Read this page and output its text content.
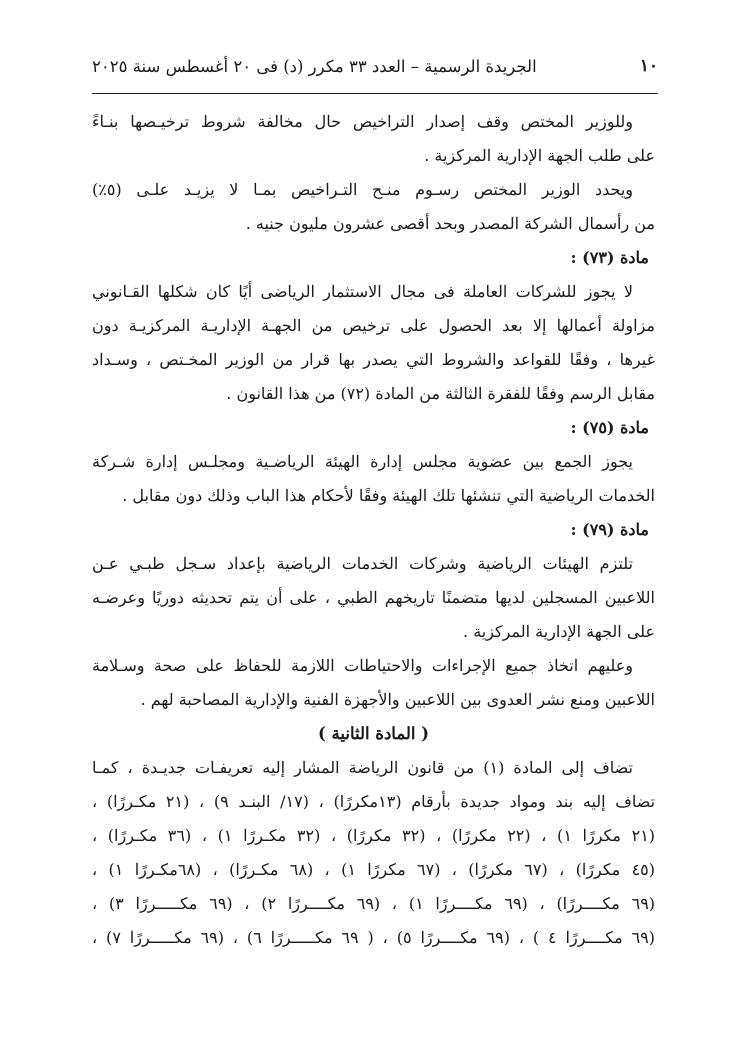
١٠
الجريدة الرسمية – العدد ٣٣ مكرر (د) فى ٢٠ أغسطس سنة ٢٠٢٥
وللوزير المختص وقف إصدار التراخيص حال مخالفة شروط ترخيـصها بنـاءً
على طلب الجهة الإدارية المركزية .
ويحدد الوزير المختص رسـوم منـح التـراخيص بمـا لا يزيـد علـى (٥٪)
من رأسمال الشركة المصدر وبحد أقصى عشرون مليون جنيه .
مادة (٧٣) :
لا يجوز للشركات العاملة فى مجال الاستثمار الرياضى أيًا كان شكلها القـانوني
مزاولة أعمالها إلا بعد الحصول على ترخيص من الجهـة الإداريـة المركزيـة دون
غيرها ، وفقًا للقواعد والشروط التي يصدر بها قرار من الوزير المخـتص ، وسـداد
مقابل الرسم وفقًا للفقرة الثالثة من المادة (٧٢) من هذا القانون .
مادة (٧٥) :
يجوز الجمع بين عضوية مجلس إدارة الهيئة الرياضـية ومجلـس إدارة شـركة
الخدمات الرياضية التي تنشئها تلك الهيئة وفقًا لأحكام هذا الباب وذلك دون مقابل .
مادة (٧٩) :
تلتزم الهيئات الرياضية وشركات الخدمات الرياضية بإعداد سـجل طبـي عـن
اللاعبين المسجلين لديها متضمنًا تاريخهم الطبي ، على أن يتم تحديثه دوريًا وعرضـه
على الجهة الإدارية المركزية .
وعليهم اتخاذ جميع الإجراءات والاحتياطات اللازمة للحفاظ على صحة وسـلامة
اللاعبين ومنع نشر العدوى بين اللاعبين والأجهزة الفنية والإدارية المصاحبة لهم .
( المادة الثانية )
تضاف إلى المادة (١) من قانون الرياضة المشار إليه تعريفـات جديـدة ، كمـا
تضاف إليه بند ومواد جديدة بأرقام (١٣مكررًا) ، (١٧/ البنـد ٩) ، (٢١ مكـررًا) ،
(٢١ مكررًا ١) ، (٢٢ مكررًا) ، (٣٢ مكررًا) ، (٣٢ مكـررًا ١) ، (٣٦ مكـررًا) ،
(٤٥ مكررًا) ، (٦٧ مكررًا) ، (٦٧ مكررًا ١) ، (٦٨ مكـررًا) ، (٦٨مكـررًا ١) ،
(٦٩ مكــــررًا) ، (٦٩ مكــــررًا ١) ، (٦٩ مكــــررًا ٢) ، (٦٩ مكـــــررًا ٣) ،
(٦٩ مكــــررًا ٤ ) ، (٦٩ مكــــررًا ٥) ، ( ٦٩ مكـــــررًا ٦) ، (٦٩ مكـــــررًا ٧) ،
